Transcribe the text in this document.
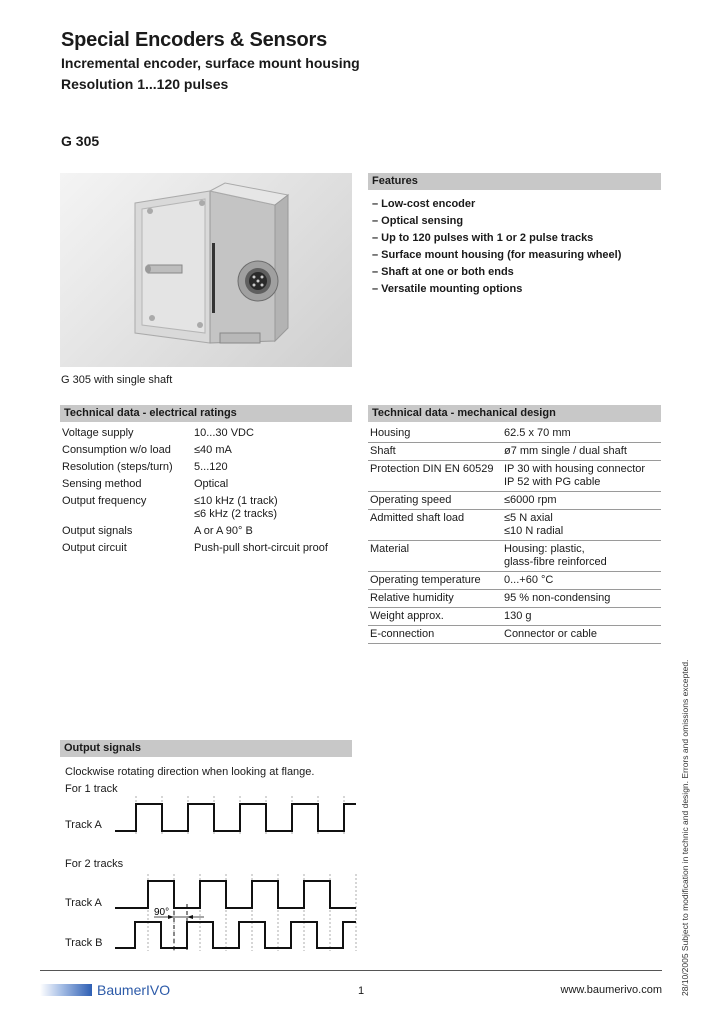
Special Encoders & Sensors

Incremental encoder, surface mount housing

Resolution 1...120 pulses

G 305
G 305 with single shaft
Features
– Low-cost encoder
– Optical sensing
– Up to 120 pulses with 1 or 2 pulse tracks
– Surface mount housing (for measuring wheel)
– Shaft at one or both ends
– Versatile mounting options
Technical data - electrical ratings
Voltage supply	10...30 VDC
Consumption w/o load	≤40 mA
Resolution (steps/turn)	5...120
Sensing method	Optical
Output frequency	≤10 kHz (1 track)
≤6 kHz (2 tracks)

Output signals	A or A 90° B
Output circuit	Push-pull short-circuit proof
Technical data - mechanical design
Housing	62.5 x 70 mm
Shaft	ø7 mm single / dual shaft
Protection DIN EN 60529	IP 30 with housing connector
IP 52 with PG cable

Operating speed	≤6000 rpm
Admitted shaft load	≤5 N axial
≤10 N radial

Material	Housing: plastic,
glass-fibre reinforced

Operating temperature	0...+60 °C
Relative humidity	95 % non-condensing
Weight approx.	130 g
E-connection	Connector or cable
Output signals
Clockwise rotating direction when looking at flange.
For 1 track
Track A
For 2 tracks
Track A
Track B
90°	28/10/2005 Subject to modification in technic and design. Errors and omissions excepted.
BaumerIVO	1	www.baumerivo.com
